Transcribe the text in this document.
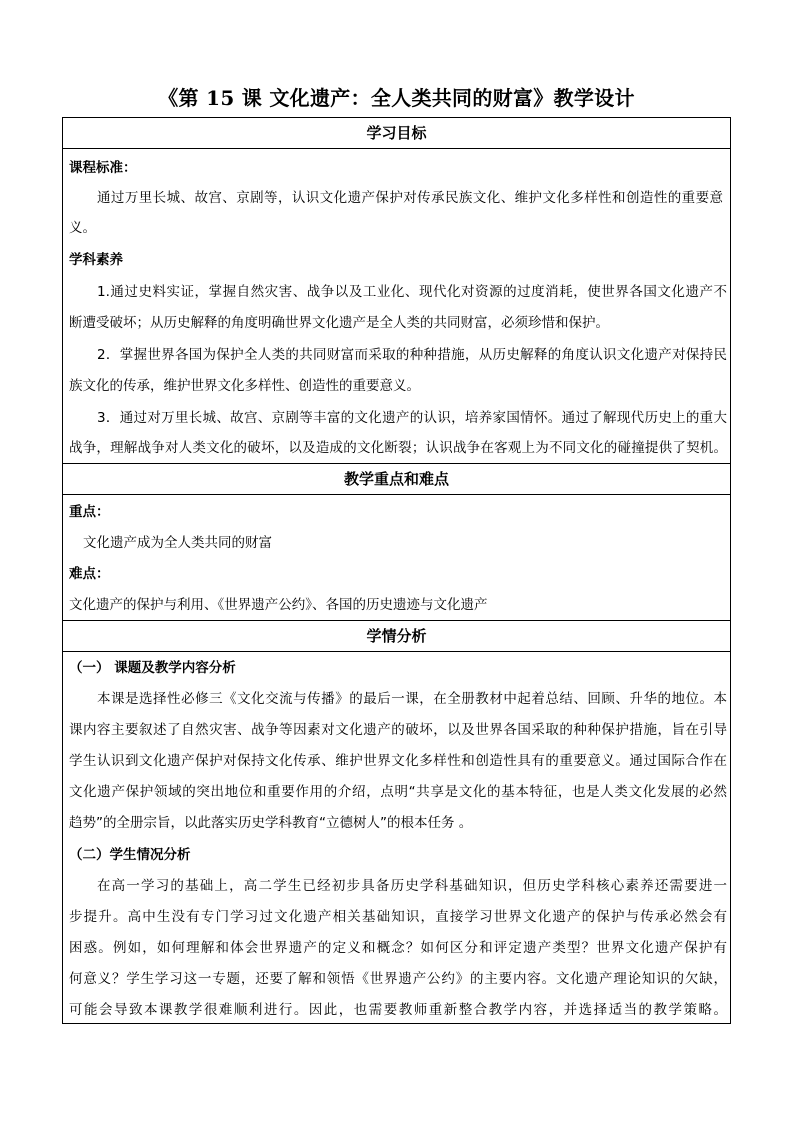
《第 15 课 文化遗产：全人类共同的财富》教学设计
学习目标
课程标准：
通过万里长城、故宫、京剧等，认识文化遗产保护对传承民族文化、维护文化多样性和创造性的重要意
义。
学科素养
1.通过史料实证，掌握自然灾害、战争以及工业化、现代化对资源的过度消耗，使世界各国文化遗产不
断遭受破坏；从历史解释的角度明确世界文化遗产是全人类的共同财富，必须珍惜和保护。
2．掌握世界各国为保护全人类的共同财富而采取的种种措施，从历史解释的角度认识文化遗产对保持民
族文化的传承，维护世界文化多样性、创造性的重要意义。
3．通过对万里长城、故宫、京剧等丰富的文化遗产的认识，培养家国情怀。通过了解现代历史上的重大
战争，理解战争对人类文化的破坏，以及造成的文化断裂；认识战争在客观上为不同文化的碰撞提供了契机。
教学重点和难点
重点：
文化遗产成为全人类共同的财富
难点：
文化遗产的保护与利用、《世界遗产公约》、各国的历史遗迹与文化遗产
学情分析
（一） 课题及教学内容分析
本课是选择性必修三《文化交流与传播》的最后一课，在全册教材中起着总结、回顾、升华的地位。本
课内容主要叙述了自然灾害、战争等因素对文化遗产的破坏，以及世界各国采取的种种保护措施，旨在引导
学生认识到文化遗产保护对保持文化传承、维护世界文化多样性和创造性具有的重要意义。通过国际合作在
文化遗产保护领域的突出地位和重要作用的介绍，点明“共享是文化的基本特征，也是人类文化发展的必然
趋势”的全册宗旨，以此落实历史学科教育“立德树人”的根本任务 。
（二）学生情况分析
在高一学习的基础上，高二学生已经初步具备历史学科基础知识，但历史学科核心素养还需要进一
步提升。高中生没有专门学习过文化遗产相关基础知识，直接学习世界文化遗产的保护与传承必然会有
困惑。例如，如何理解和体会世界遗产的定义和概念？如何区分和评定遗产类型？世界文化遗产保护有
何意义？学生学习这一专题，还要了解和领悟《世界遗产公约》的主要内容。文化遗产理论知识的欠缺，
可能会导致本课教学很难顺利进行。因此，也需要教师重新整合教学内容，并选择适当的教学策略。
